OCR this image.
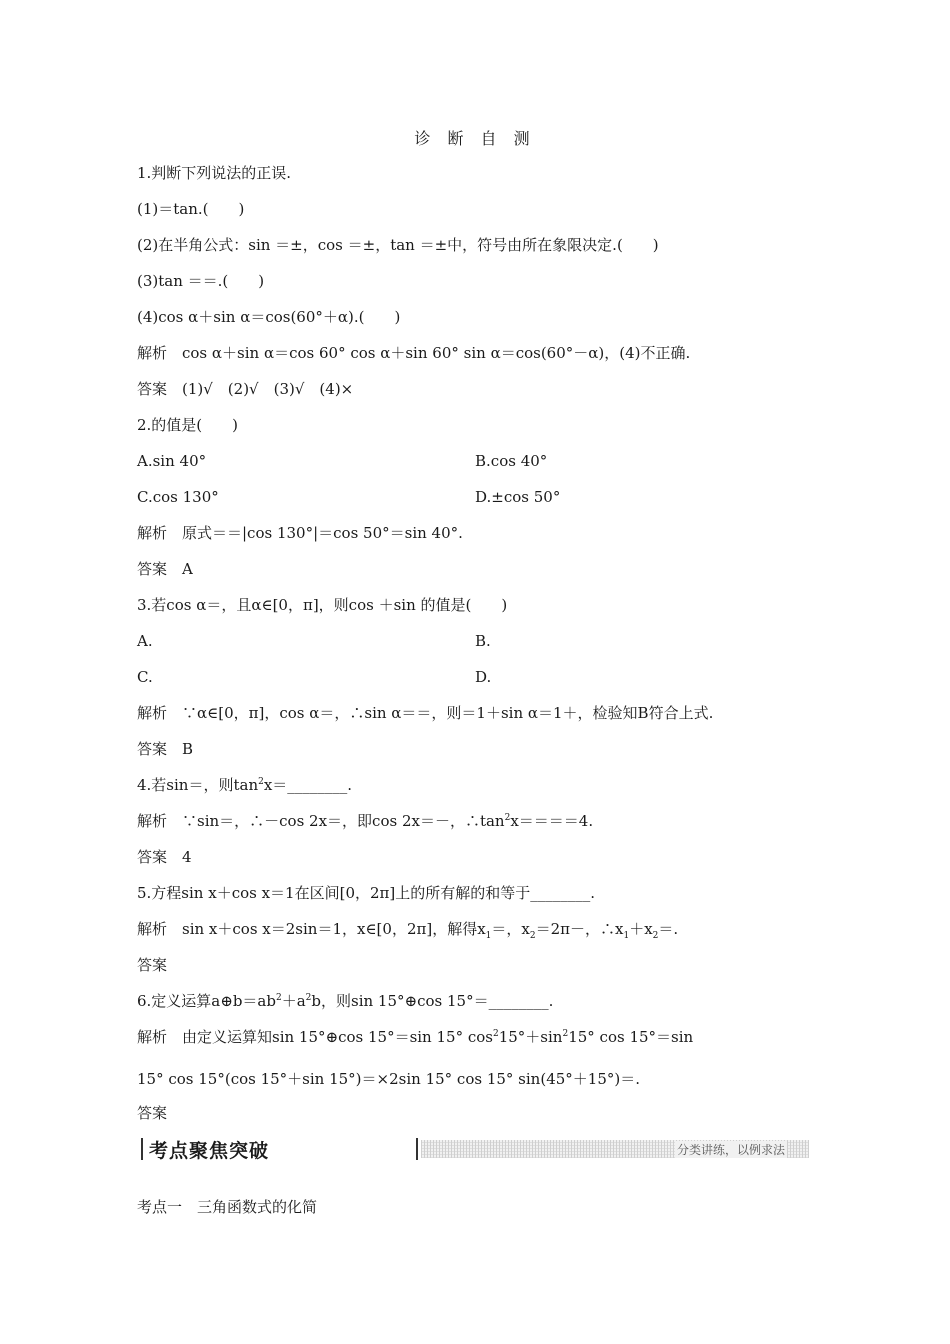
诊 断 自 测
1.判断下列说法的正误.
(1)＝tan.(　　)
(2)在半角公式：sin ＝±，cos ＝±，tan ＝±中，符号由所在象限决定.(　　)
(3)tan ＝＝.(　　)
(4)cos α＋sin α＝cos(60°＋α).(　　)
解析　cos α＋sin α＝cos 60° cos α＋sin 60° sin α＝cos(60°－α)，(4)不正确.
答案　(1)√　(2)√　(3)√　(4)×
2.的值是(　　)
A.sin 40°	B.cos 40°
C.cos 130°	D.±cos 50°
解析　原式＝＝|cos 130°|＝cos 50°＝sin 40°.
答案　A
3.若cos α＝，且α∈[0，π]，则cos ＋sin 的值是(　　)
A.	B.
C.	D.
解析　∵α∈[0，π]，cos α＝，∴sin α＝＝，则＝1＋sin α＝1＋，检验知B符合上式.
答案　B
4.若sin＝，则$\tan^2x=\_\_\_\_\_\_\_\_$.
解析　∵sin＝，∴－cos 2x＝，即cos 2x＝－，$\therefore\tan^2x====4$.
答案　4
5.方程sin x＋cos x＝1在区间[0，2π]上的所有解的和等于________.
解析　sin x＋cos x＝2sin＝1，x∈[0，2π]，解得$x_1=$，$x_2=2\pi-$，$\therefore x_1+x_2=$.
答案
6.定义运算$a\oplus b=ab^2+a^2b$，则sin 15°⊕cos 15°＝________.
解析　由定义运算知sin 15°⊕cos 15°＝sin 15° $\cos^215^\circ+\sin^215^\circ$ cos 15°＝sin
15° cos 15°(cos 15°＋sin 15°)＝×2sin 15° cos 15° sin(45°＋15°)＝.
答案
考点聚焦突破	分类讲练，以例求法
考点一　三角函数式的化简
